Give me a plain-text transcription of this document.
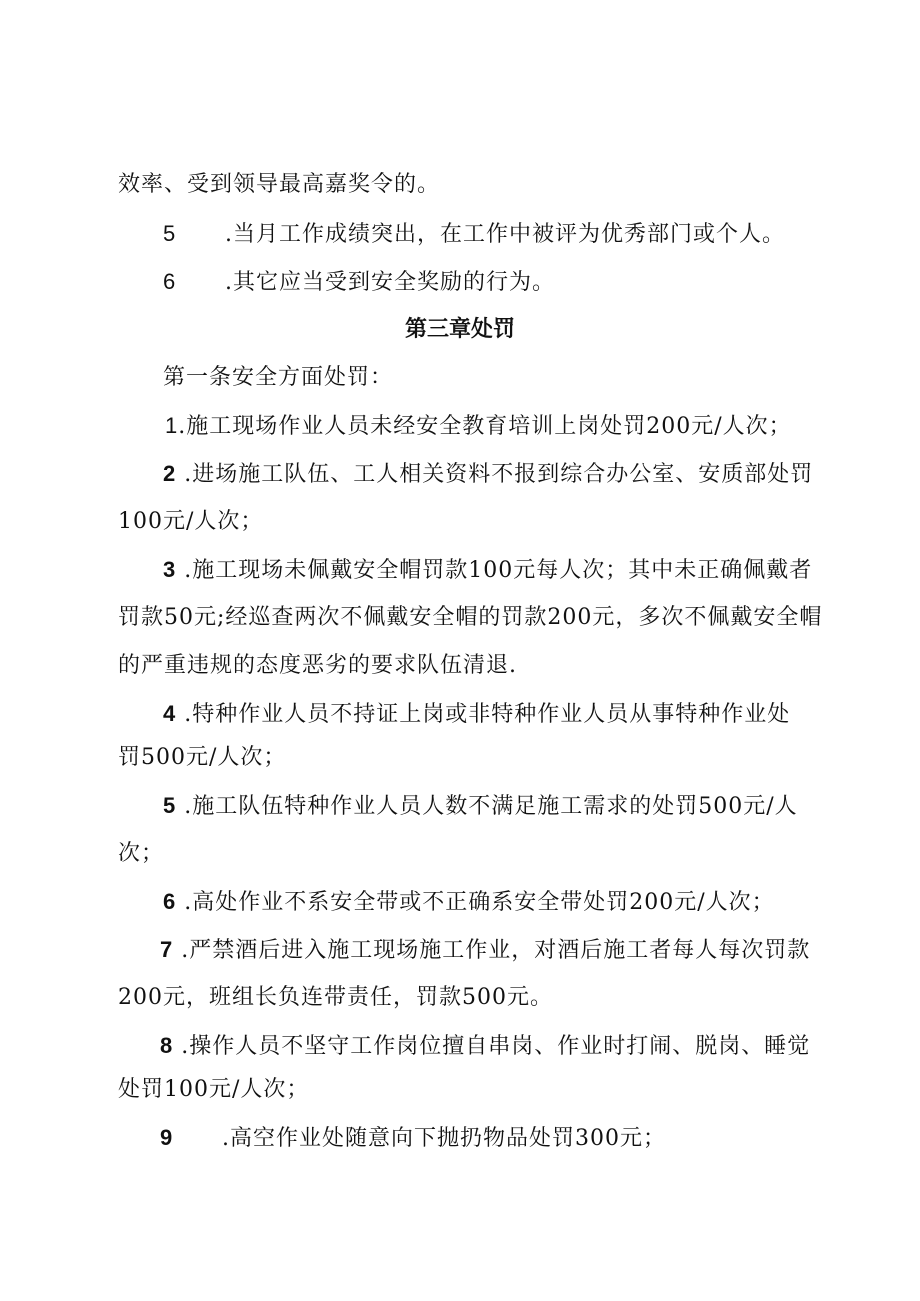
效率、受到领导最高嘉奖令的。
5 .当月工作成绩突出，在工作中被评为优秀部门或个人。
6 .其它应当受到安全奖励的行为。
第三章处罚
第一条安全方面处罚：
1.施工现场作业人员未经安全教育培训上岗处罚200元/人次；
2 .进场施工队伍、工人相关资料不报到综合办公室、安质部处罚
100元/人次；
3 .施工现场未佩戴安全帽罚款100元每人次；其中未正确佩戴者
罚款50元;经巡查两次不佩戴安全帽的罚款200元，多次不佩戴安全帽
的严重违规的态度恶劣的要求队伍清退.
4 .特种作业人员不持证上岗或非特种作业人员从事特种作业处
罚500元/人次；
5 .施工队伍特种作业人员人数不满足施工需求的处罚500元/人
次；
6 .高处作业不系安全带或不正确系安全带处罚200元/人次；
7 .严禁酒后进入施工现场施工作业，对酒后施工者每人每次罚款
200元，班组长负连带责任，罚款500元。
8 .操作人员不坚守工作岗位擅自串岗、作业时打闹、脱岗、睡觉
处罚100元/人次；
9 .高空作业处随意向下抛扔物品处罚300元；
